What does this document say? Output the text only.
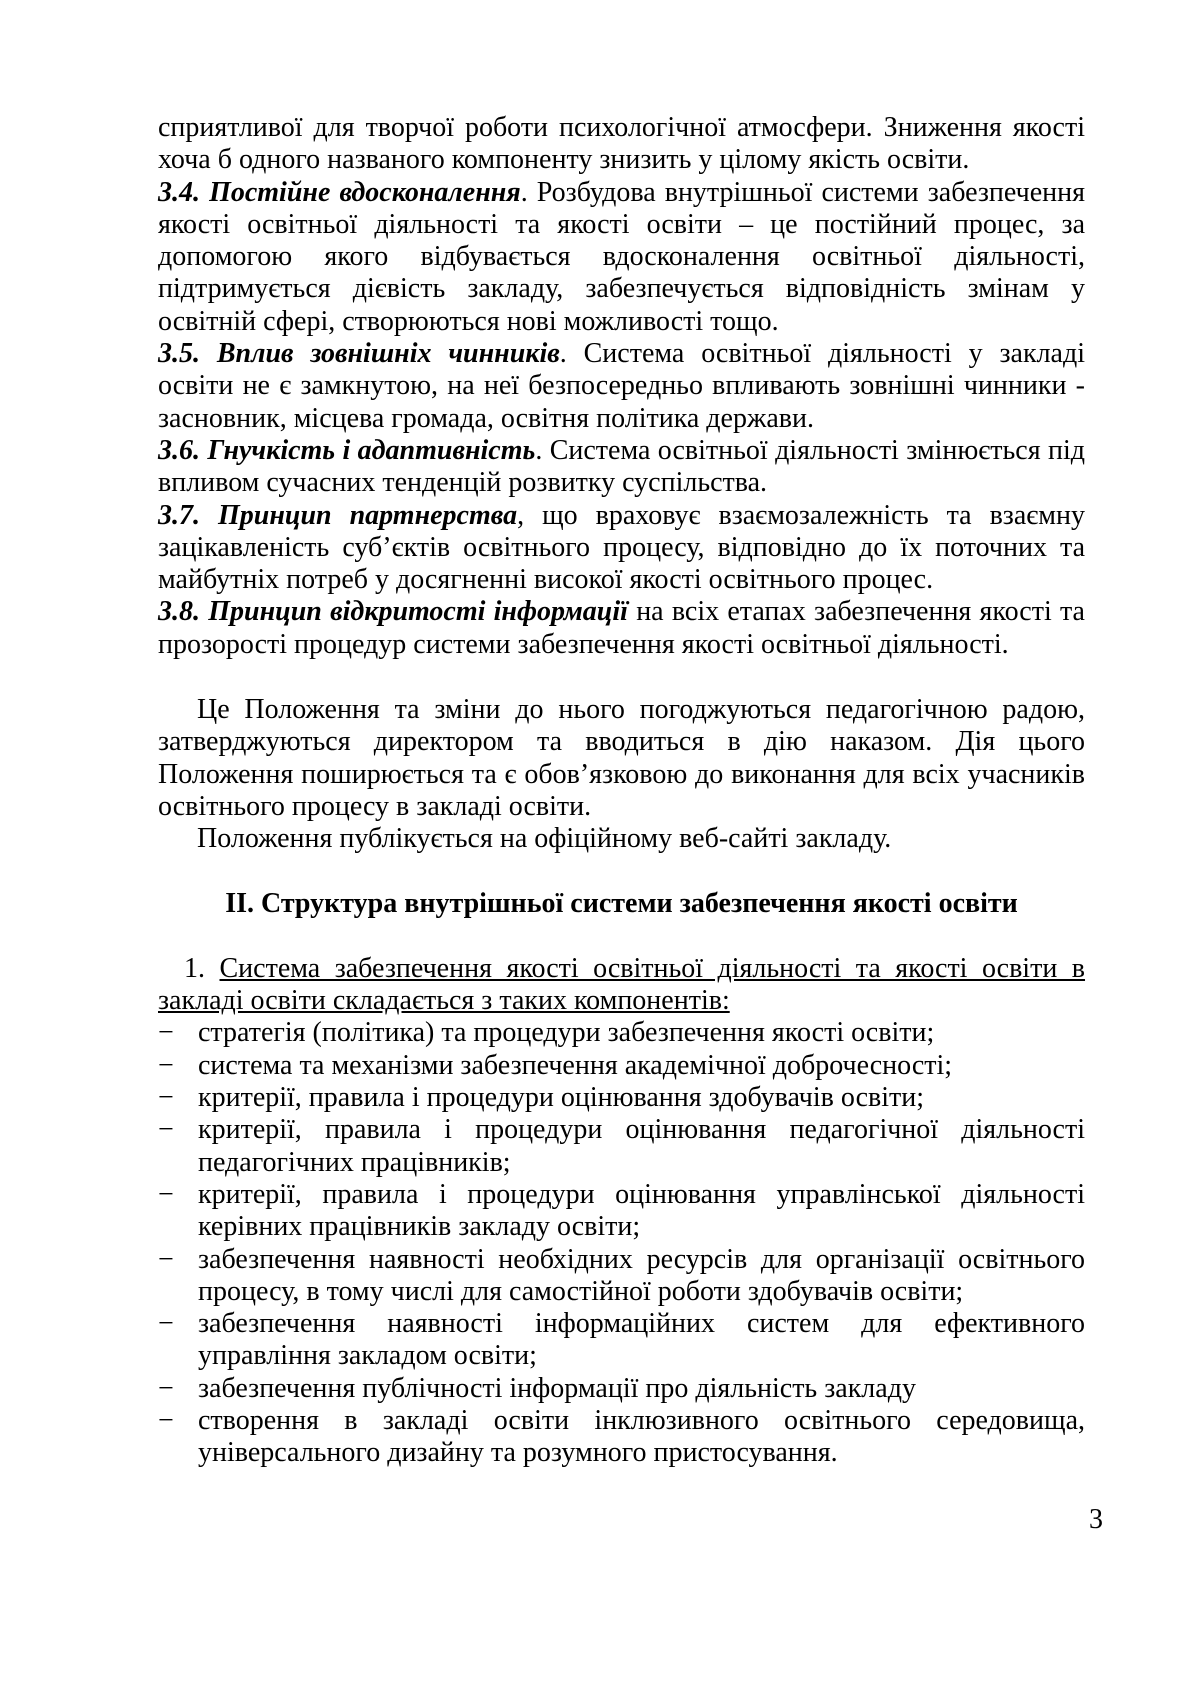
сприятливої для творчої роботи психологічної атмосфери. Зниження якості хоча б одного названого компоненту знизить у цілому якість освіти.

3.4. Постійне вдосконалення. Розбудова внутрішньої системи забезпечення якості освітньої діяльності та якості освіти – це постійний процес, за допомогою якого відбувається вдосконалення освітньої діяльності, підтримується дієвість закладу, забезпечується відповідність змінам у освітній сфері, створюються нові можливості тощо.

3.5. Вплив зовнішніх чинників. Система освітньої діяльності у закладі освіти не є замкнутою, на неї безпосередньо впливають зовнішні чинники - засновник, місцева громада, освітня політика держави.

3.6. Гнучкість і адаптивність. Система освітньої діяльності змінюється під впливом сучасних тенденцій розвитку суспільства.

3.7. Принцип партнерства, що враховує взаємозалежність та взаємну зацікавленість суб’єктів освітнього процесу, відповідно до їх поточних та майбутніх потреб у досягненні високої якості освітнього процес.

3.8. Принцип відкритості інформації на всіх етапах забезпечення якості та прозорості процедур системи забезпечення якості освітньої діяльності.

Це Положення та зміни до нього погоджуються педагогічною радою, затверджуються директором та вводиться в дію наказом. Дія цього Положення поширюється та є обов’язковою до виконання для всіх учасників освітнього процесу в закладі освіти.

Положення публікується на офіційному веб-сайті закладу.

II. Структура внутрішньої системи забезпечення якості освіти

1. Система забезпечення якості освітньої діяльності та якості освіти в закладі освіти складається з таких компонентів:

− стратегія (політика) та процедури забезпечення якості освіти;
− система та механізми забезпечення академічної доброчесності;
− критерії, правила і процедури оцінювання здобувачів освіти;
− критерії, правила і процедури оцінювання педагогічної діяльності педагогічних працівників;
− критерії, правила і процедури оцінювання управлінської діяльності керівних працівників закладу освіти;
− забезпечення наявності необхідних ресурсів для організації освітнього процесу, в тому числі для самостійної роботи здобувачів освіти;
− забезпечення наявності інформаційних систем для ефективного управління закладом освіти;
− забезпечення публічності інформації про діяльність закладу
− створення в закладі освіти інклюзивного освітнього середовища, універсального дизайну та розумного пристосування.
3
